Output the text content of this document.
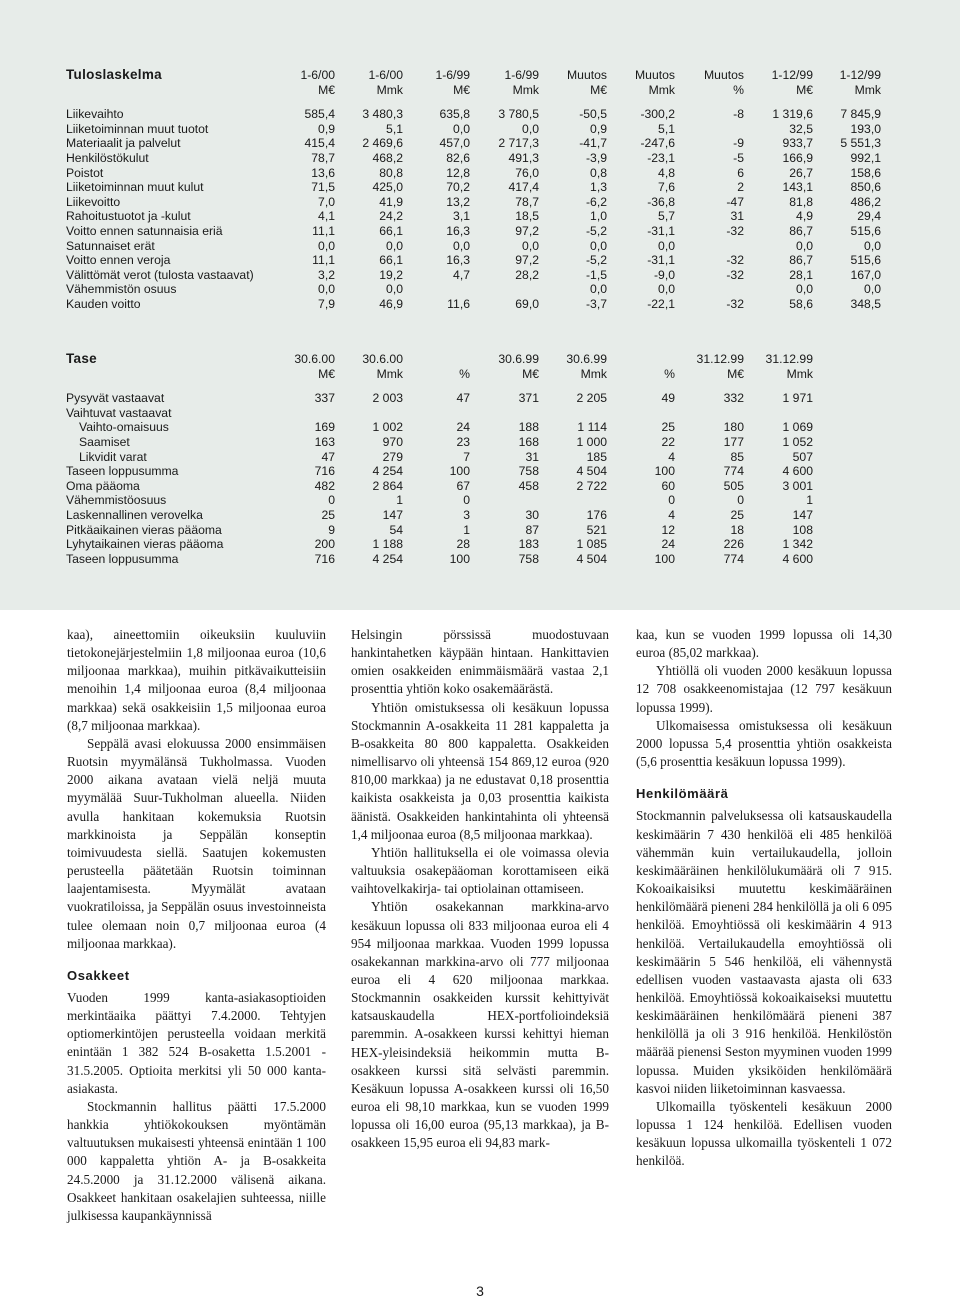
Tuloslaskelma	1-6/00	1-6/00	1-6/99	1-6/99	Muutos	Muutos	Muutos	1-12/99	1-12/99
	M€	Mmk	M€	Mmk	M€	Mmk	%	M€	Mmk

Liikevaihto	585,4	3 480,3	635,8	3 780,5	-50,5	-300,2	-8	1 319,6	7 845,9
Liiketoiminnan muut tuotot	0,9	5,1	0,0	0,0	0,9	5,1		32,5	193,0
Materiaalit ja palvelut	415,4	2 469,6	457,0	2 717,3	-41,7	-247,6	-9	933,7	5 551,3
Henkilöstökulut	78,7	468,2	82,6	491,3	-3,9	-23,1	-5	166,9	992,1
Poistot	13,6	80,8	12,8	76,0	0,8	4,8	6	26,7	158,6
Liiketoiminnan muut kulut	71,5	425,0	70,2	417,4	1,3	7,6	2	143,1	850,6
Liikevoitto	7,0	41,9	13,2	78,7	-6,2	-36,8	-47	81,8	486,2
Rahoitustuotot ja -kulut	4,1	24,2	3,1	18,5	1,0	5,7	31	4,9	29,4
Voitto ennen satunnaisia eriä	11,1	66,1	16,3	97,2	-5,2	-31,1	-32	86,7	515,6
Satunnaiset erät	0,0	0,0	0,0	0,0	0,0	0,0		0,0	0,0
Voitto ennen veroja	11,1	66,1	16,3	97,2	-5,2	-31,1	-32	86,7	515,6
Välittömät verot (tulosta vastaavat)	3,2	19,2	4,7	28,2	-1,5	-9,0	-32	28,1	167,0
Vähemmistön osuus	0,0	0,0			0,0	0,0		0,0	0,0
Kauden voitto	7,9	46,9	11,6	69,0	-3,7	-22,1	-32	58,6	348,5
Tase	30.6.00	30.6.00		30.6.99	30.6.99		31.12.99	31.12.99
	M€	Mmk	%	M€	Mmk	%	M€	Mmk

Pysyvät vastaavat	337	2 003	47	371	2 205	49	332	1 971
Vaihtuvat vastaavat								
Vaihto-omaisuus	169	1 002	24	188	1 114	25	180	1 069
Saamiset	163	970	23	168	1 000	22	177	1 052
Likvidit varat	47	279	7	31	185	4	85	507
Taseen loppusumma	716	4 254	100	758	4 504	100	774	4 600
Oma pääoma	482	2 864	67	458	2 722	60	505	3 001
Vähemmistöosuus	0	1	0			0	0	1
Laskennallinen verovelka	25	147	3	30	176	4	25	147
Pitkäaikainen vieras pääoma	9	54	1	87	521	12	18	108
Lyhytaikainen vieras pääoma	200	1 188	28	183	1 085	24	226	1 342
Taseen loppusumma	716	4 254	100	758	4 504	100	774	4 600

kaa), aineettomiin oikeuksiin kuuluviin tietokonejärjestelmiin 1,8 miljoonaa euroa (10,6 miljoonaa markkaa), muihin pitkävaikutteisiin menoihin 1,4 miljoonaa euroa (8,4 miljoonaa markkaa) sekä osakkeisiin 1,5 miljoonaa euroa (8,7 miljoonaa markkaa).

Seppälä avasi elokuussa 2000 ensimmäisen Ruotsin myymälänsä Tukholmassa. Vuoden 2000 aikana avataan vielä neljä muuta myymälää Suur-Tukholman alueella. Niiden avulla hankitaan kokemuksia Ruotsin markkinoista ja Seppälän konseptin toimivuudesta siellä. Saatujen kokemusten perusteella päätetään Ruotsin toiminnan laajentamisesta. Myymälät avataan vuokratiloissa, ja Seppälän osuus investoinneista tulee olemaan noin 0,7 miljoonaa euroa (4 miljoonaa markkaa).

Osakkeet

Vuoden 1999 kanta-asiakasoptioiden merkintäaika päättyi 7.4.2000. Tehtyjen optiomerkintöjen perusteella voidaan merkitä enintään 1 382 524 B-osaketta 1.5.2001 - 31.5.2005. Optioita merkitsi yli 50 000 kanta-asiakasta.

Stockmannin hallitus päätti 17.5.2000 hankkia yhtiökokouksen myöntämän valtuutuksen mukaisesti yhteensä enintään 1 100 000 kappaletta yhtiön A- ja B-osakkeita 24.5.2000 ja 31.12.2000 välisenä aikana. Osakkeet hankitaan osakelajien suhteessa, niille julkisessa kaupankäynnissä

Helsingin pörssissä muodostuvaan hankintahetken käypään hintaan. Hankittavien omien osakkeiden enimmäismäärä vastaa 2,1 prosenttia yhtiön koko osakemäärästä.

Yhtiön omistuksessa oli kesäkuun lopussa Stockmannin A-osakkeita 11 281 kappaletta ja B-osakkeita 80 800 kappaletta. Osakkeiden nimellisarvo oli yhteensä 154 869,12 euroa (920 810,00 markkaa) ja ne edustavat 0,18 prosenttia kaikista osakkeista ja 0,03 prosenttia kaikista äänistä. Osakkeiden hankintahinta oli yhteensä 1,4 miljoonaa euroa (8,5 miljoonaa markkaa).

Yhtiön hallituksella ei ole voimassa olevia valtuuksia osakepääoman korottamiseen eikä vaihtovelkakirja- tai optiolainan ottamiseen.

Yhtiön osakekannan markkina-arvo kesäkuun lopussa oli 833 miljoonaa euroa eli 4 954 miljoonaa markkaa. Vuoden 1999 lopussa osakekannan markkina-arvo oli 777 miljoonaa euroa eli 4 620 miljoonaa markkaa. Stockmannin osakkeiden kurssit kehittyivät katsauskaudella HEX-portfolioindeksiä paremmin. A-osakkeen kurssi kehittyi hieman HEX-yleisindeksiä heikommin mutta B-osakkeen kurssi sitä selvästi paremmin. Kesäkuun lopussa A-osakkeen kurssi oli 16,50 euroa eli 98,10 markkaa, kun se vuoden 1999 lopussa oli 16,00 euroa (95,13 markkaa), ja B-osakkeen 15,95 euroa eli 94,83 mark-

kaa, kun se vuoden 1999 lopussa oli 14,30 euroa (85,02 markkaa).

Yhtiöllä oli vuoden 2000 kesäkuun lopussa 12 708 osakkeenomistajaa (12 797 kesäkuun lopussa 1999).

Ulkomaisessa omistuksessa oli kesäkuun 2000 lopussa 5,4 prosenttia yhtiön osakkeista (5,6 prosenttia kesäkuun lopussa 1999).

Henkilömäärä

Stockmannin palveluksessa oli katsauskaudella keskimäärin 7 430 henkilöä eli 485 henkilöä vähemmän kuin vertailukaudella, jolloin keskimääräinen henkilölukumäärä oli 7 915. Kokoaikaisiksi muutettu keskimääräinen henkilömäärä pieneni 284 henkilöllä ja oli 6 095 henkilöä. Emoyhtiössä oli keskimäärin 4 913 henkilöä. Vertailukaudella emoyhtiössä oli keskimäärin 5 546 henkilöä, eli vähennystä edellisen vuoden vastaavasta ajasta oli 633 henkilöä. Emoyhtiössä kokoaikaiseksi muutettu keskimääräinen henkilömäärä pieneni 387 henkilöllä ja oli 3 916 henkilöä. Henkilöstön määrää pienensi Seston myyminen vuoden 1999 lopussa. Muiden yksiköiden henkilömäärä kasvoi niiden liiketoiminnan kasvaessa.

Ulkomailla työskenteli kesäkuun 2000 lopussa 1 124 henkilöä. Edellisen vuoden kesäkuun lopussa ulkomailla työskenteli 1 072 henkilöä.

3
